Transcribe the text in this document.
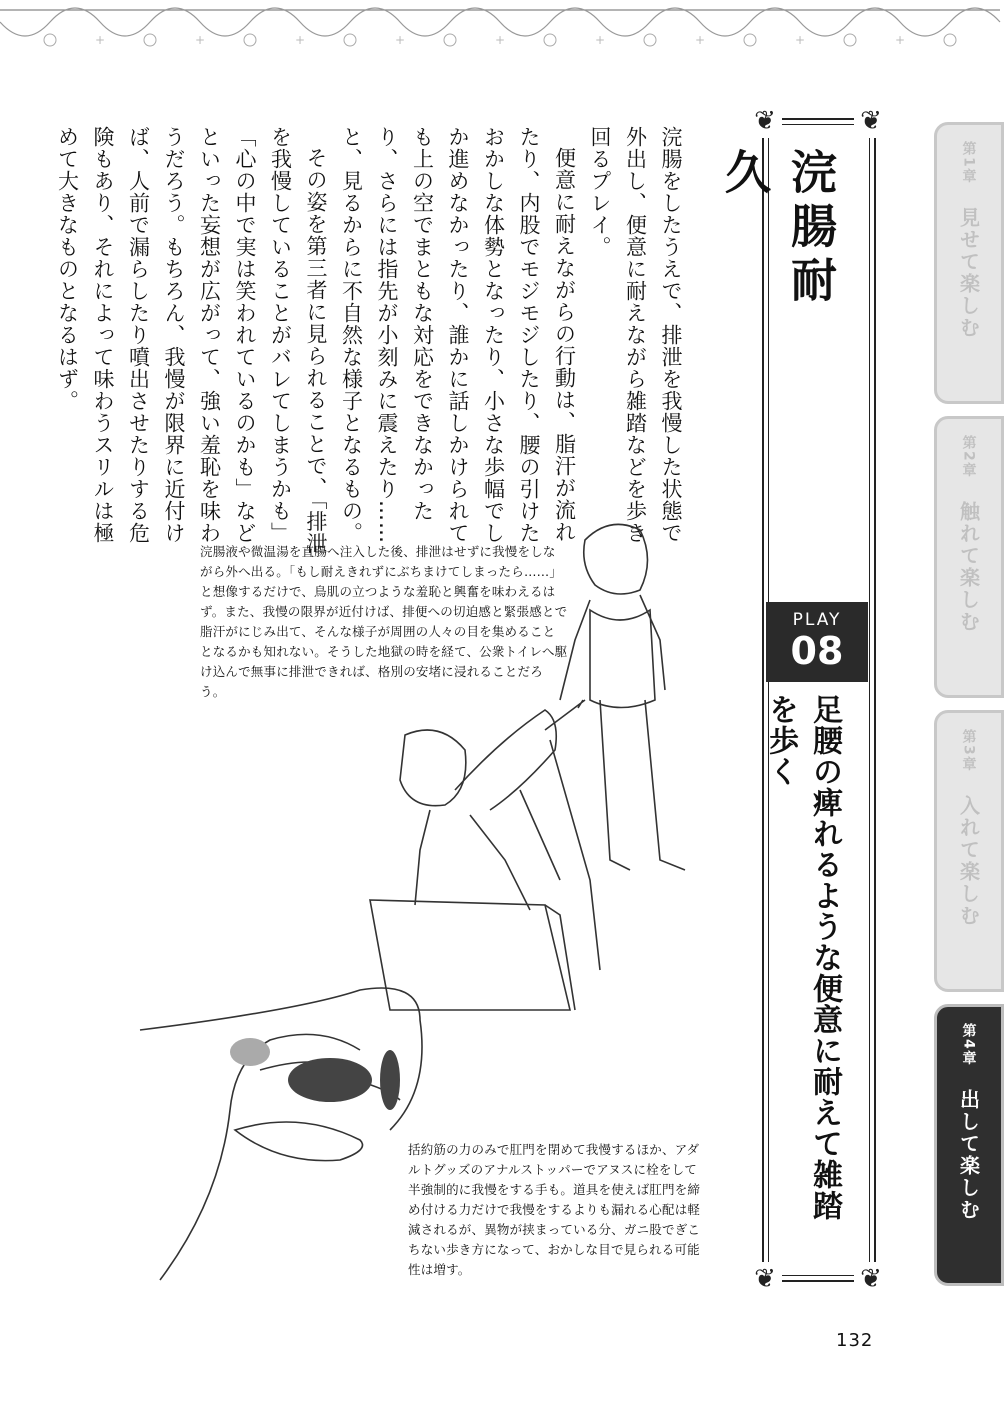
+	+	+	+	+	+	+	+	+

浣腸をしたうえで、排泄を我慢した状態で外出し、便意に耐えながら雑踏などを歩き回るプレイ。

便意に耐えながらの行動は、脂汗が流れたり、内股でモジモジしたり、腰の引けたおかしな体勢となったり、小さな歩幅でしか進めなかったり、誰かに話しかけられても上の空でまともな対応をできなかったり、さらには指先が小刻みに震えたり……と、見るからに不自然な様子となるもの。

その姿を第三者に見られることで、「排泄を我慢していることがバレてしまうかも」「心の中で実は笑われているのかも」などといった妄想が広がって、強い羞恥を味わうだろう。もちろん、我慢が限界に近付けば、人前で漏らしたり噴出させたりする危険もあり、それによって味わうスリルは極めて大きなものとなるはず。

❦	❦
❦	❦
浣腸耐久
PLAY
08
足腰の痺れるような便意に耐えて雑踏を歩く
第1章　見せて楽しむ
第2章　触れて楽しむ
第3章　入れて楽しむ
第4章　出して楽しむ
浣腸液や微温湯を直腸へ注入した後、排泄はせずに我慢をしながら外へ出る。「もし耐えきれずにぶちまけてしまったら……」と想像するだけで、鳥肌の立つような羞恥と興奮を味わえるはず。また、我慢の限界が近付けば、排便への切迫感と緊張感とで脂汗がにじみ出て、そんな様子が周囲の人々の目を集めることとなるかも知れない。そうした地獄の時を経て、公衆トイレへ駆け込んで無事に排泄できれば、格別の安堵に浸れることだろう。
括約筋の力のみで肛門を閉めて我慢するほか、アダルトグッズのアナルストッパーでアヌスに栓をして半強制的に我慢をする手も。道具を使えば肛門を締め付ける力だけで我慢をするよりも漏れる心配は軽減されるが、異物が挟まっている分、ガニ股でぎこちない歩き方になって、おかしな目で見られる可能性は増す。
132
